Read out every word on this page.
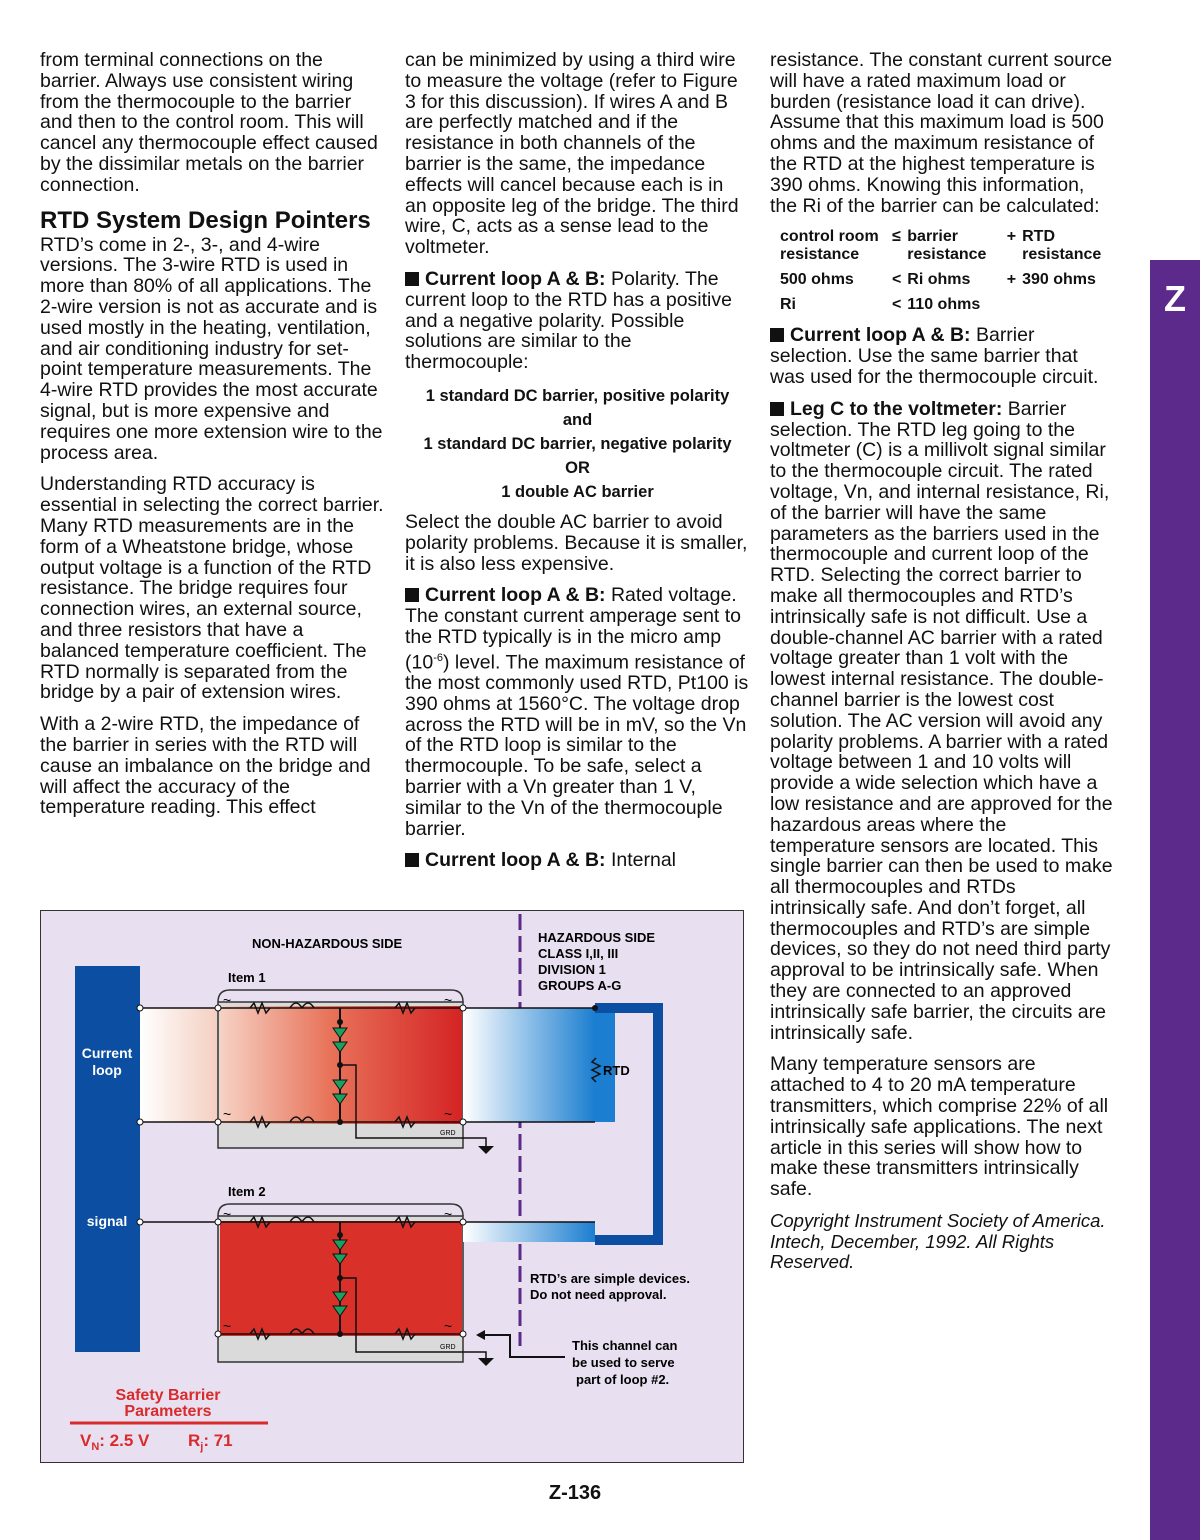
from terminal connections on the barrier. Always use consistent wiring from the thermocouple to the barrier and then to the control room. This will cancel any thermocouple effect caused by the dissimilar metals on the barrier connection.

RTD System Design Pointers

RTD’s come in 2-, 3-, and 4-wire versions. The 3-wire RTD is used in more than 80% of all applications. The 2-wire version is not as accurate and is used mostly in the heating, ventilation, and air conditioning industry for set-point temperature measurements. The 4-wire RTD provides the most accurate signal, but is more expensive and requires one more extension wire to the process area.

Understanding RTD accuracy is essential in selecting the correct barrier. Many RTD measurements are in the form of a Wheatstone bridge, whose output voltage is a function of the RTD resistance. The bridge requires four connection wires, an external source, and three resistors that have a balanced temperature coefficient. The RTD normally is separated from the bridge by a pair of extension wires.

With a 2-wire RTD, the impedance of the barrier in series with the RTD will cause an imbalance on the bridge and will affect the accuracy of the temperature reading. This effect

can be minimized by using a third wire to measure the voltage (refer to Figure 3 for this discussion). If wires A and B are perfectly matched and if the resistance in both channels of the barrier is the same, the impedance effects will cancel because each is in an opposite leg of the bridge. The third wire, C, acts as a sense lead to the voltmeter.

Current loop A & B: Polarity. The current loop to the RTD has a positive and a negative polarity. Possible solutions are similar to the thermocouple:

1 standard DC barrier, positive polarity
and
1 standard DC barrier, negative polarity
OR
1 double AC barrier

Select the double AC barrier to avoid polarity problems. Because it is smaller, it is also less expensive.

Current loop A & B: Rated voltage. The constant current amperage sent to the RTD typically is in the micro amp $(10^{-6})$ level. The maximum resistance of the most commonly used RTD, Pt100 is 390 ohms at 1560°C. The voltage drop across the RTD will be in mV, so the Vn of the RTD loop is similar to the thermocouple. To be safe, select a barrier with a Vn greater than 1 V, similar to the Vn of the thermocouple barrier.

Current loop A & B: Internal

resistance. The constant current source will have a rated maximum load or burden (resistance load it can drive). Assume that this maximum load is 500 ohms and the maximum resistance of the RTD at the highest temperature is 390 ohms. Knowing this information, the Ri of the barrier can be calculated:

control room resistance	≤	barrier resistance	+	RTD resistance
500 ohms	<	Ri ohms	+	390 ohms
Ri	<	110 ohms		

Current loop A & B: Barrier selection. Use the same barrier that was used for the thermocouple circuit.

Leg C to the voltmeter: Barrier selection. The RTD leg going to the voltmeter (C) is a millivolt signal similar to the thermocouple circuit. The rated voltage, Vn, and internal resistance, Ri, of the barrier will have the same parameters as the barriers used in the thermocouple and current loop of the RTD. Selecting the correct barrier to make all thermocouples and RTD’s intrinsically safe is not difficult. Use a double-channel AC barrier with a rated voltage greater than 1 volt with the lowest internal resistance. The double-channel barrier is the lowest cost solution. The AC version will avoid any polarity problems. A barrier with a rated voltage between 1 and 10 volts will provide a wide selection which have a low resistance and are approved for the hazardous areas where the temperature sensors are located. This single barrier can then be used to make all thermocouples and RTDs intrinsically safe. And don’t forget, all thermocouples and RTD’s are simple devices, so they do not need third party approval to be intrinsically safe. When they are connected to an approved intrinsically safe barrier, the circuits are intrinsically safe.

Many temperature sensors are attached to 4 to 20 mA temperature transmitters, which comprise 22% of all intrinsically safe applications. The next article in this series will show how to make these transmitters intrinsically safe.

Copyright Instrument Society of America. Intech, December, 1992. All Rights Reserved.

NON-HAZARDOUS SIDE	HAZARDOUS SIDE
CLASS I,II, III
DIVISION 1
GROUPS A-G
Current
loop
signal
Item 1
RTD
~
~
~
~
GRD
Item 2
~
~
~
~
GRD
RTD’s are simple devices.
Do not need approval.
This channel can
be used to serve
part of loop #2.
Safety Barrier
Parameters
$V_N$: 2.5 V $R_j$: 71
Z
Z-136
